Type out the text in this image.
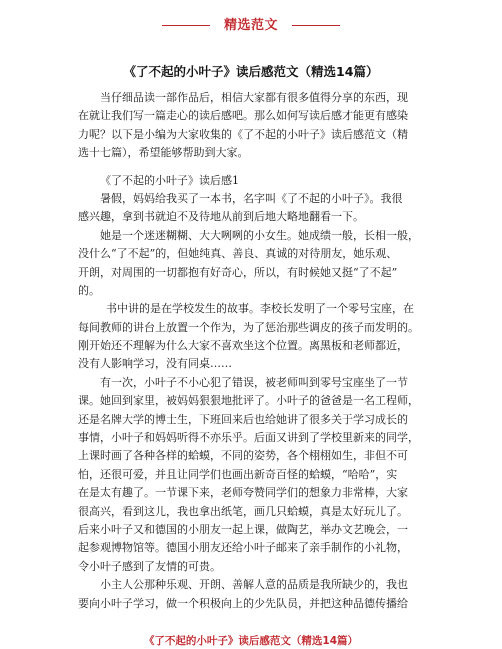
精选范文
《了不起的小叶子》读后感范文（精选14篇）
当仔细品读一部作品后，相信大家都有很多值得分享的东西，现
在就让我们写一篇走心的读后感吧。那么如何写读后感才能更有感染
力呢？以下是小编为大家收集的《了不起的小叶子》读后感范文（精
选十七篇），希望能够帮助到大家。
《了不起的小叶子》读后感1
暑假，妈妈给我买了一本书，名字叫《了不起的小叶子》。我很
感兴趣，拿到书就迫不及待地从前到后地大略地翻看一下。
她是一个迷迷糊糊、大大咧咧的小女生。她成绩一般，长相一般，
没什么“了不起”的，但她纯真、善良、真诚的对待朋友，她乐观、
开朗，对周围的一切都抱有好奇心，所以，有时候她又挺“了不起”
的。
书中讲的是在学校发生的故事。李校长发明了一个零号宝座，在
每间教师的讲台上放置一个作为，为了惩治那些调皮的孩子而发明的。
刚开始还不理解为什么大家不喜欢坐这个位置。离黑板和老师都近，
没有人影响学习，没有同桌……
有一次，小叶子不小心犯了错误，被老师叫到零号宝座坐了一节
课。她回到家里，被妈妈狠狠地批评了。小叶子的爸爸是一名工程师，
还是名牌大学的博士生，下班回来后也给她讲了很多关于学习成长的
事情，小叶子和妈妈听得不亦乐乎。后面又讲到了学校里新来的同学，
上课时画了各种各样的蛤蟆，不同的姿势，各个栩栩如生，非但不可
怕，还很可爱，并且让同学们也画出新奇百怪的蛤蟆，“哈哈”，实
在是太有趣了。一节课下来，老师夸赞同学们的想象力非常棒，大家
很高兴，看到这儿，我也拿出纸笔，画几只蛤蟆，真是太好玩儿了。
后来小叶子又和德国的小朋友一起上课，做陶艺，举办文艺晚会，一
起参观博物馆等。德国小朋友还给小叶子邮来了亲手制作的小礼物，
令小叶子感到了友情的可贵。
小主人公那种乐观、开朗、善解人意的品质是我所缺少的，我也
要向小叶子学习，做一个积极向上的少先队员，并把这种品德传播给
《了不起的小叶子》读后感范文（精选14篇）
